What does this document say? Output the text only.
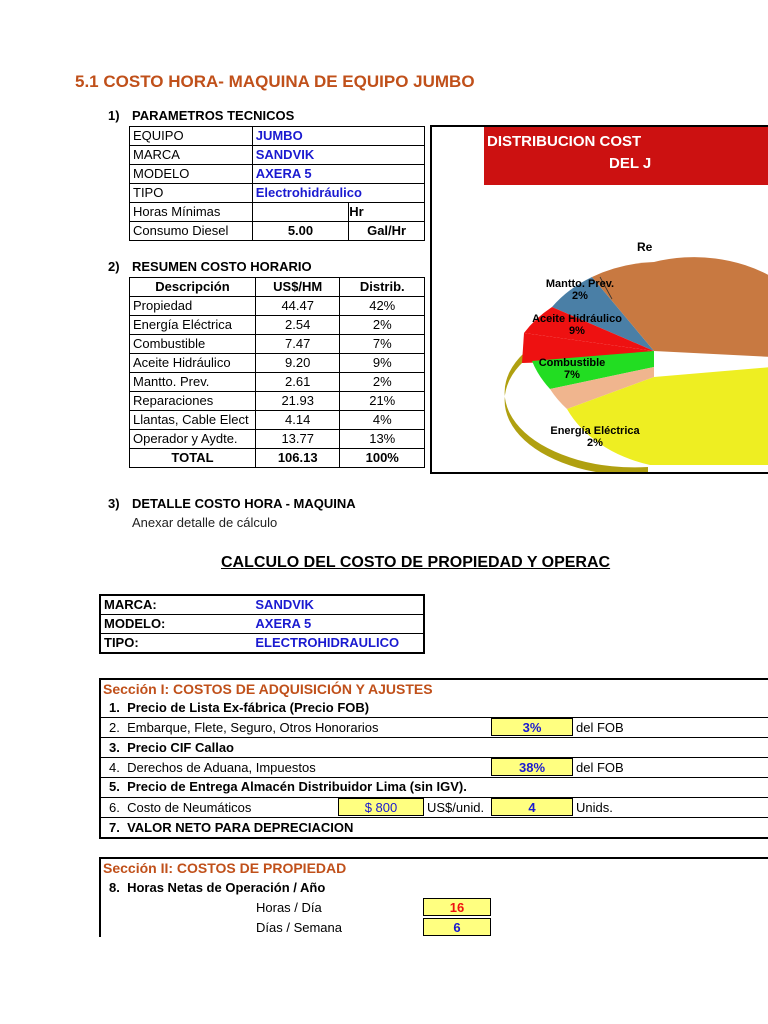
5.1 COSTO HORA- MAQUINA DE EQUIPO JUMBO
1) PARAMETROS TECNICOS
EQUIPO	JUMBO	
MARCA	SANDVIK	
MODELO	AXERA 5	
TIPO	Electrohidráulico	
Horas Mínimas		Hr
Consumo Diesel	5.00	Gal/Hr
2) RESUMEN COSTO HORARIO
Descripción	US$/HM	Distrib.
Propiedad	44.47	42%
Energía Eléctrica	2.54	2%
Combustible	7.47	7%
Aceite Hidráulico	9.20	9%
Mantto. Prev.	2.61	2%
Reparaciones	21.93	21%
Llantas, Cable Elect	4.14	4%
Operador y Aydte.	13.77	13%
TOTAL	106.13	100%
DISTRIBUCION COST
DEL J
Re
Mantto. Prev.
2%
Aceite Hidráulico
9%
Combustible
7%
Energía Eléctrica
2%
3) DETALLE COSTO HORA - MAQUINA
Anexar detalle de cálculo
CALCULO DEL COSTO DE PROPIEDAD Y OPERAC
MARCA:	SANDVIK
MODELO:	AXERA 5
TIPO:	ELECTROHIDRAULICO
Sección I: COSTOS DE ADQUISICIÓN Y AJUSTES
1. Precio de Lista Ex-fábrica (Precio FOB)
2. Embarque, Flete, Seguro, Otros Honorarios	3%	del FOB
3. Precio CIF Callao
4. Derechos de Aduana, Impuestos	38%	del FOB
5. Precio de Entrega Almacén Distribuidor Lima (sin IGV).
6. Costo de Neumáticos	$ 800	US$/unid.	4	Unids.
7. VALOR NETO PARA DEPRECIACION
Sección II: COSTOS DE PROPIEDAD
8. Horas Netas de Operación / Año
Horas / Día	16
Días / Semana	6
